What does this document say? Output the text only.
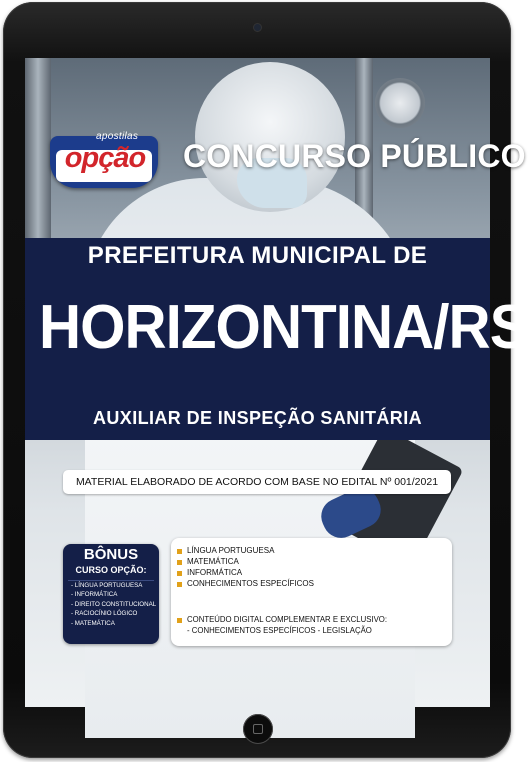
apostilas
opção CONCURSO PÚBLICO
PREFEITURA MUNICIPAL DE
HORIZONTINA/RS
AUXILIAR DE INSPEÇÃO SANITÁRIA
MATERIAL ELABORADO DE ACORDO COM BASE NO EDITAL Nº 001/2021
BÔNUS
CURSO OPÇÃO:
- LÍNGUA PORTUGUESA
- INFORMÁTICA
- DIREITO CONSTITUCIONAL
- RACIOCÍNIO LÓGICO
- MATEMÁTICA
LÍNGUA PORTUGUESA
MATEMÁTICA
INFORMÁTICA
CONHECIMENTOS ESPECÍFICOS
CONTEÚDO DIGITAL COMPLEMENTAR E EXCLUSIVO:
- CONHECIMENTOS ESPECÍFICOS - LEGISLAÇÃO
